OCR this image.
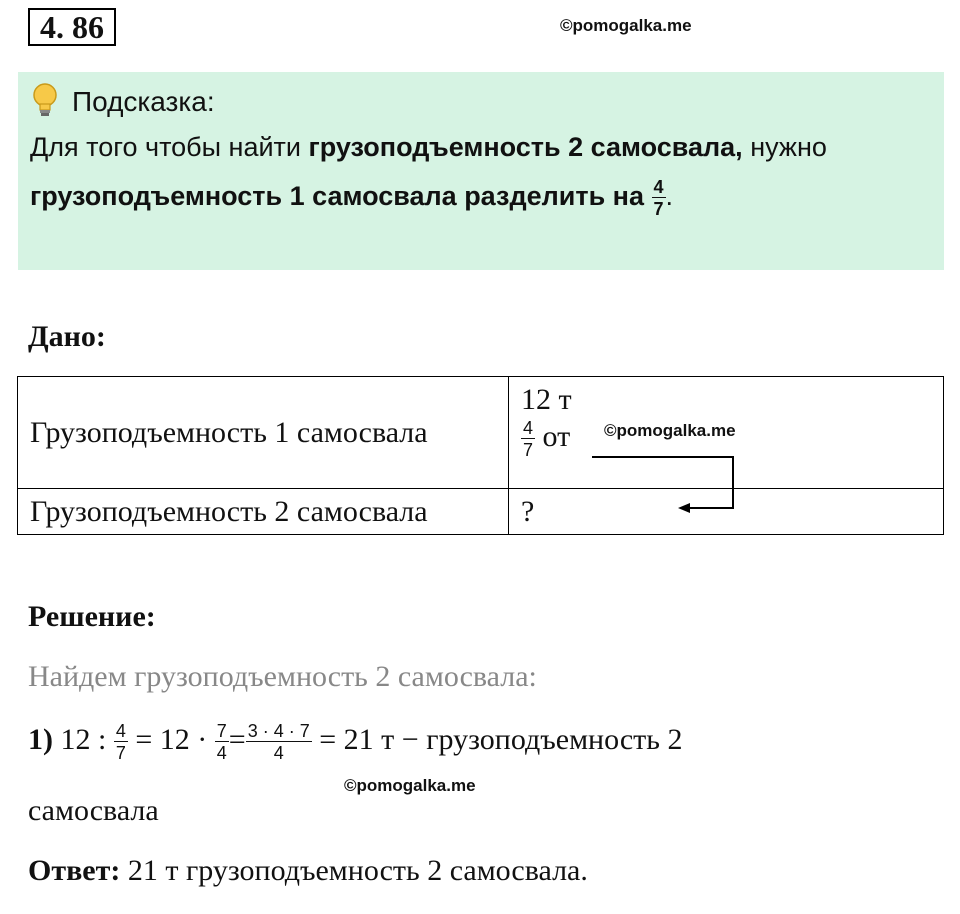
4. 86	©pomogalka.me
Подсказка:
Для того чтобы найти грузоподъемность 2 самосвала, нужно
грузоподъемность 1 самосвала разделить на $\frac{4}{7}$ .
Дано:
Грузоподъемность 1 самосвала	12 т
$\frac{4}{7}$ от

Грузоподъемность 2 самосвала	?
©pomogalka.me
Решение:
Найдем грузоподъемность 2 самосвала:
1) 12 : $\frac{4}{7} = 12 \cdot \frac{7}{4} = \frac{3 \cdot 4 \cdot 7}{4} = 21$ т − грузоподъемность 2
©pomogalka.me
самосвала
Ответ: 21 т грузоподъемность 2 самосвала.
